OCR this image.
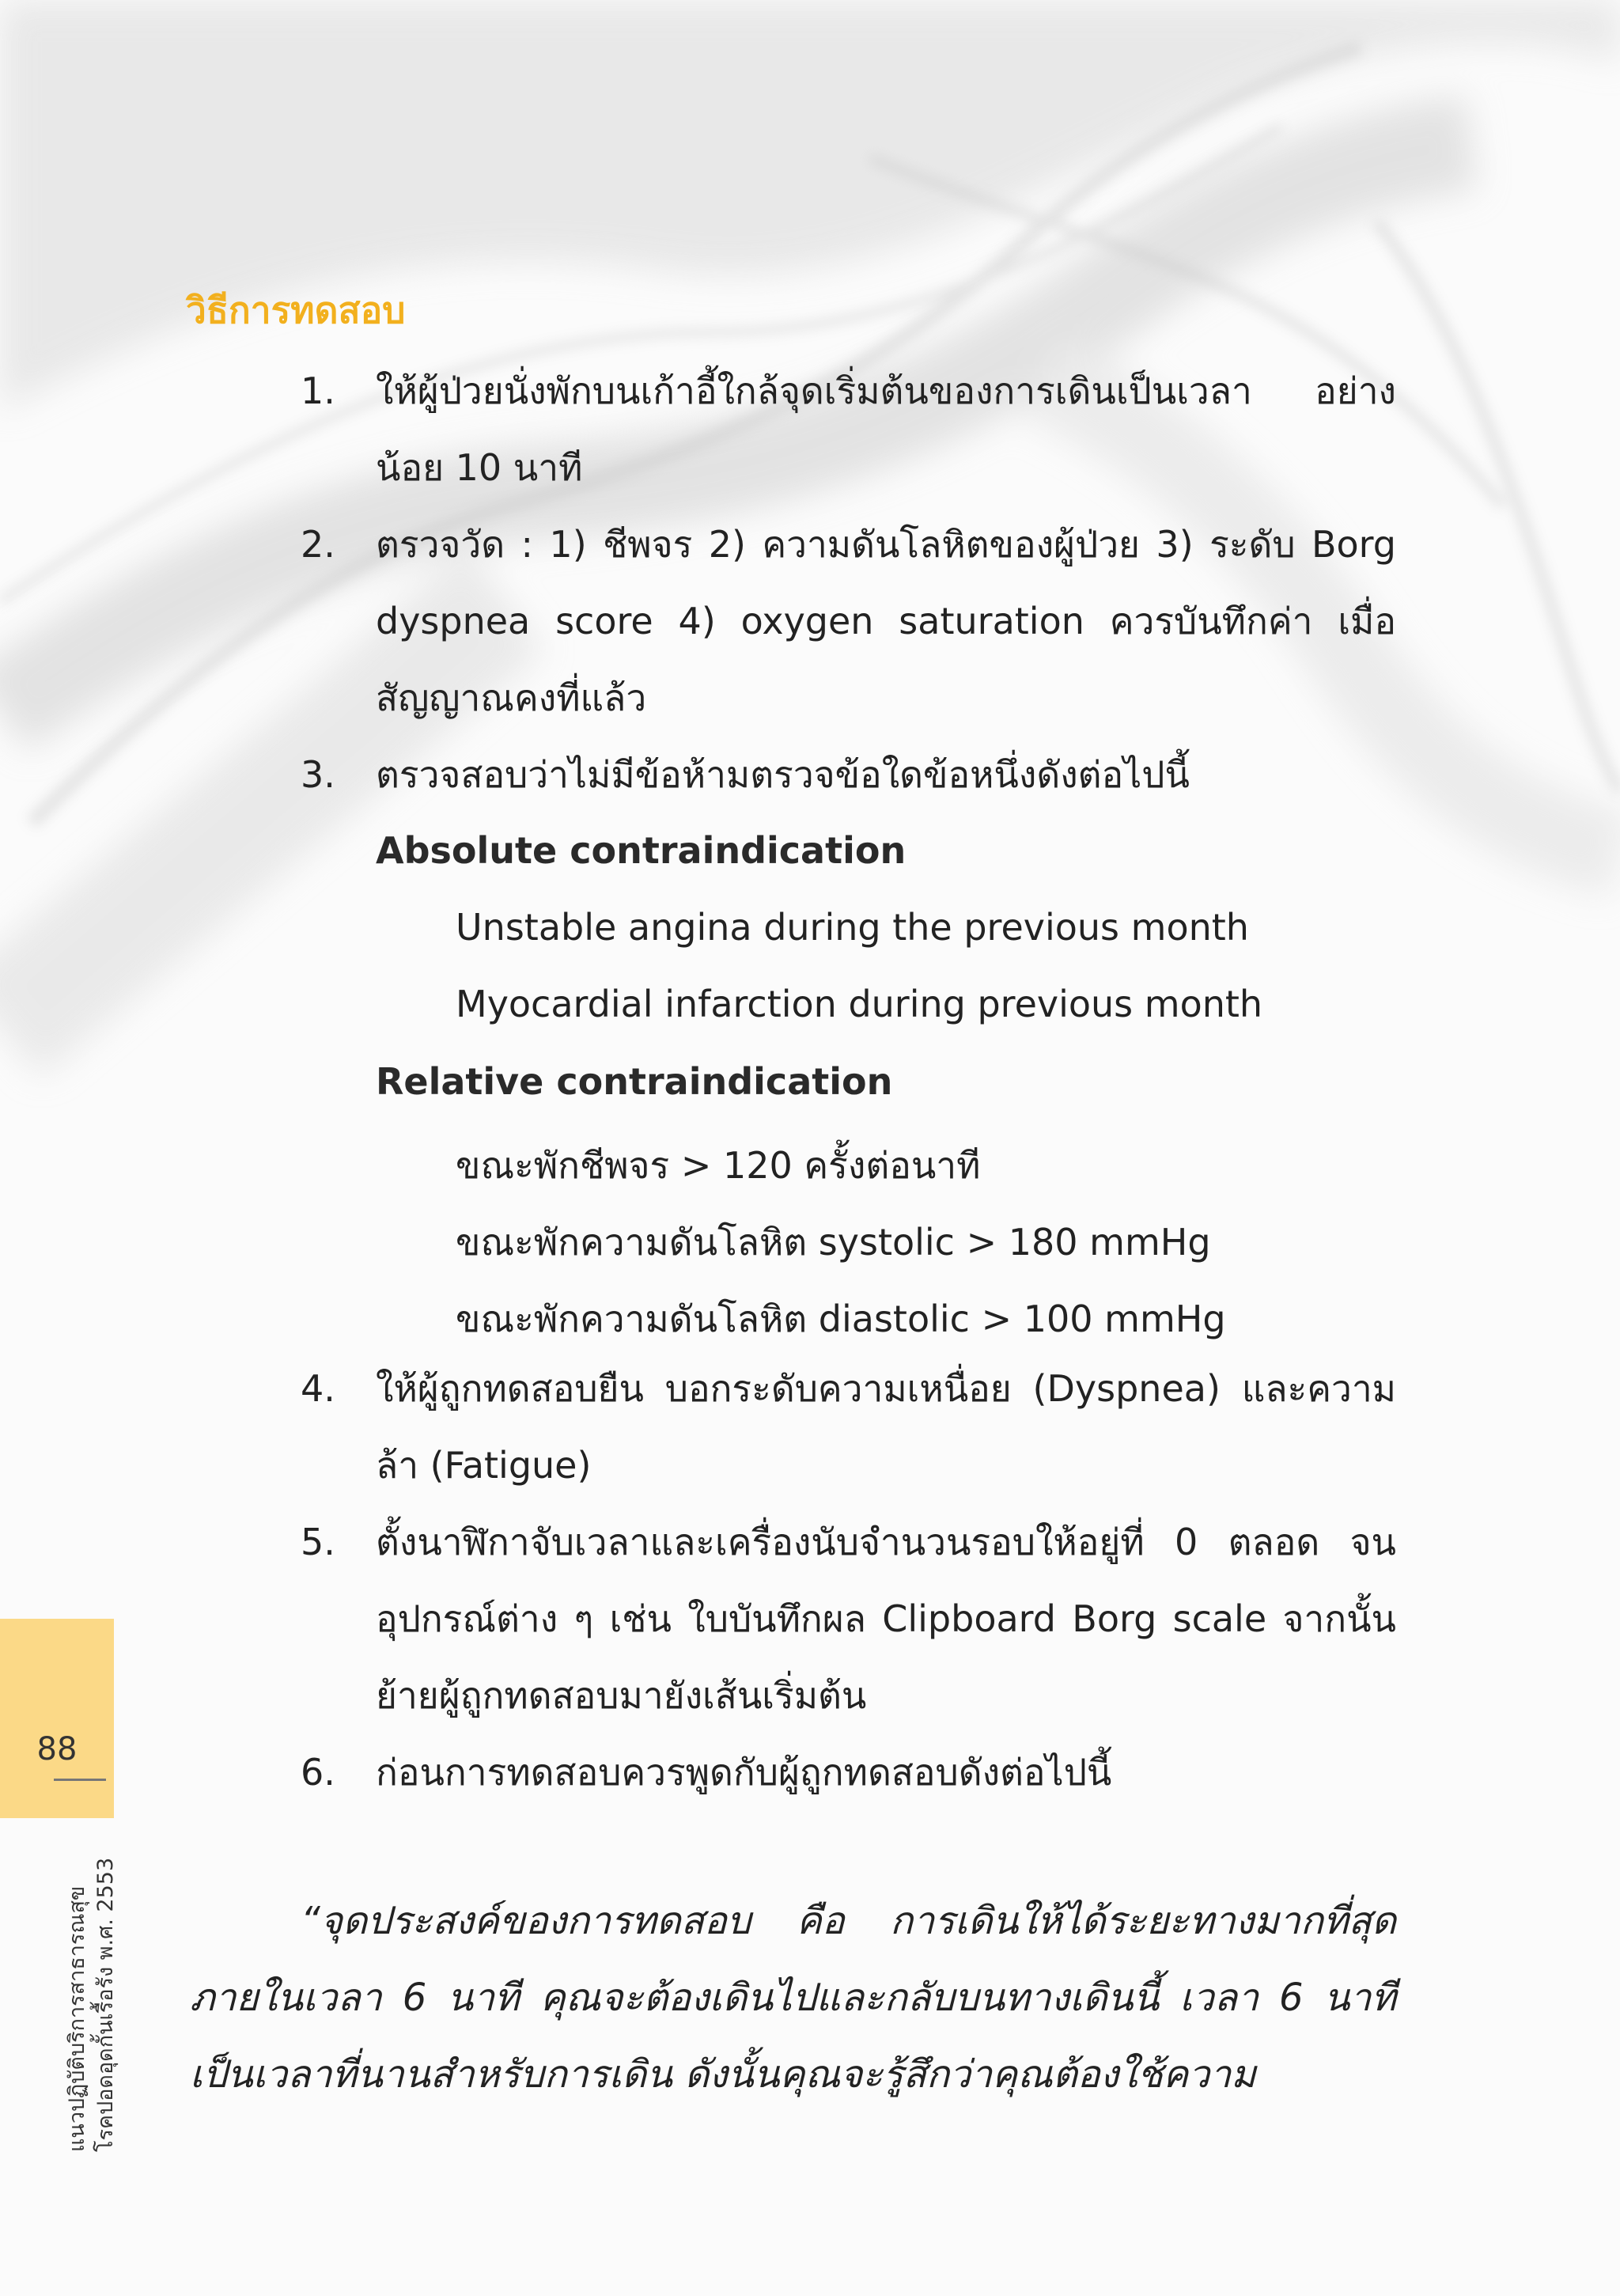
วิธีการทดสอบ
1. ให้ผู้ป่วยนั่งพักบนเก้าอี้ใกล้จุดเริ่มต้นของการเดินเป็นเวลา อย่างน้อย 10 นาที
2. ตรวจวัด : 1) ชีพจร 2) ความดันโลหิตของผู้ป่วย 3) ระดับ Borg dyspnea score 4) oxygen saturation ควรบันทึกค่า เมื่อสัญญาณคงที่แล้ว
3. ตรวจสอบว่าไม่มีข้อห้ามตรวจข้อใดข้อหนึ่งดังต่อไปนี้
Absolute contraindication
Unstable angina during the previous month
Myocardial infarction during previous month
Relative contraindication
ขณะพักชีพจร > 120 ครั้งต่อนาที
ขณะพักความดันโลหิต systolic > 180 mmHg
ขณะพักความดันโลหิต diastolic > 100 mmHg
4. ให้ผู้ถูกทดสอบยืน บอกระดับความเหนื่อย (Dyspnea) และความล้า (Fatigue)
5. ตั้งนาฬิกาจับเวลาและเครื่องนับจำนวนรอบให้อยู่ที่ 0 ตลอด จนอุปกรณ์ต่าง ๆ เช่น ใบบันทึกผล Clipboard Borg scale จากนั้นย้ายผู้ถูกทดสอบมายังเส้นเริ่มต้น
6. ก่อนการทดสอบควรพูดกับผู้ถูกทดสอบดังต่อไปนี้

“จุดประสงค์ของการทดสอบ คือ การเดินให้ได้ระยะทางมากที่สุด ภายในเวลา 6 นาที คุณจะต้องเดินไปและกลับบนทางเดินนี้ เวลา 6 นาทีเป็นเวลาที่นานสำหรับการเดิน ดังนั้นคุณจะรู้สึกว่าคุณต้องใช้ความ

88
แนวปฏิบัติบริการสาธารณสุข โรคปอดอุดกั้นเรื้อรัง พ.ศ. 2553
